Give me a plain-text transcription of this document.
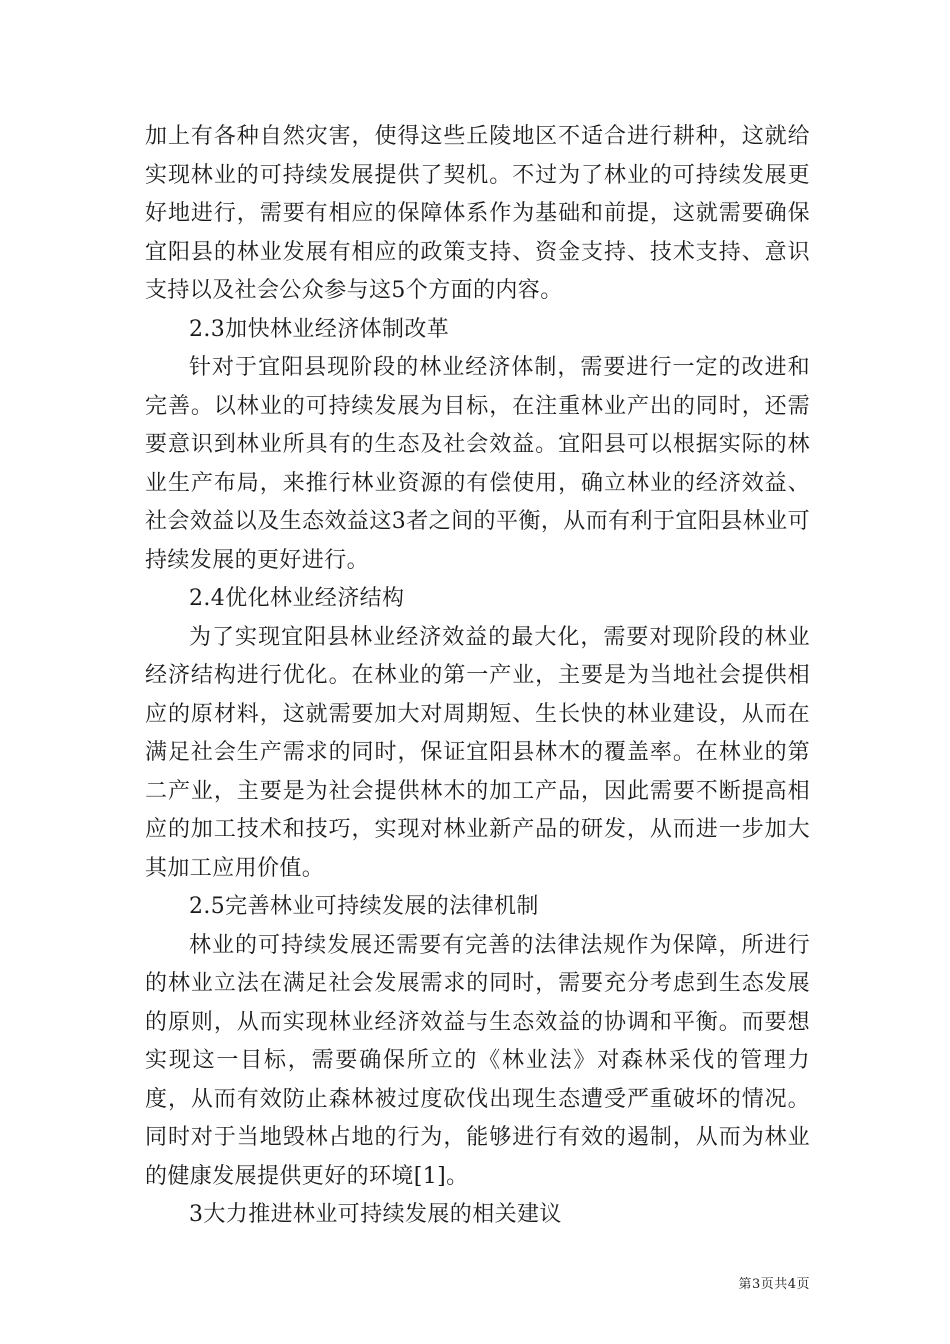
加上有各种自然灾害，使得这些丘陵地区不适合进行耕种，这就给实现林业的可持续发展提供了契机。不过为了林业的可持续发展更好地进行，需要有相应的保障体系作为基础和前提，这就需要确保宜阳县的林业发展有相应的政策支持、资金支持、技术支持、意识支持以及社会公众参与这5个方面的内容。

2.3加快林业经济体制改革

针对于宜阳县现阶段的林业经济体制，需要进行一定的改进和完善。以林业的可持续发展为目标，在注重林业产出的同时，还需要意识到林业所具有的生态及社会效益。宜阳县可以根据实际的林业生产布局，来推行林业资源的有偿使用，确立林业的经济效益、社会效益以及生态效益这3者之间的平衡，从而有利于宜阳县林业可持续发展的更好进行。

2.4优化林业经济结构

为了实现宜阳县林业经济效益的最大化，需要对现阶段的林业经济结构进行优化。在林业的第一产业，主要是为当地社会提供相应的原材料，这就需要加大对周期短、生长快的林业建设，从而在满足社会生产需求的同时，保证宜阳县林木的覆盖率。在林业的第二产业，主要是为社会提供林木的加工产品，因此需要不断提高相应的加工技术和技巧，实现对林业新产品的研发，从而进一步加大其加工应用价值。

2.5完善林业可持续发展的法律机制

林业的可持续发展还需要有完善的法律法规作为保障，所进行的林业立法在满足社会发展需求的同时，需要充分考虑到生态发展的原则，从而实现林业经济效益与生态效益的协调和平衡。而要想实现这一目标，需要确保所立的《林业法》对森林采伐的管理力度，从而有效防止森林被过度砍伐出现生态遭受严重破坏的情况。同时对于当地毁林占地的行为，能够进行有效的遏制，从而为林业的健康发展提供更好的环境[1]。

3大力推进林业可持续发展的相关建议

第3页共4页
